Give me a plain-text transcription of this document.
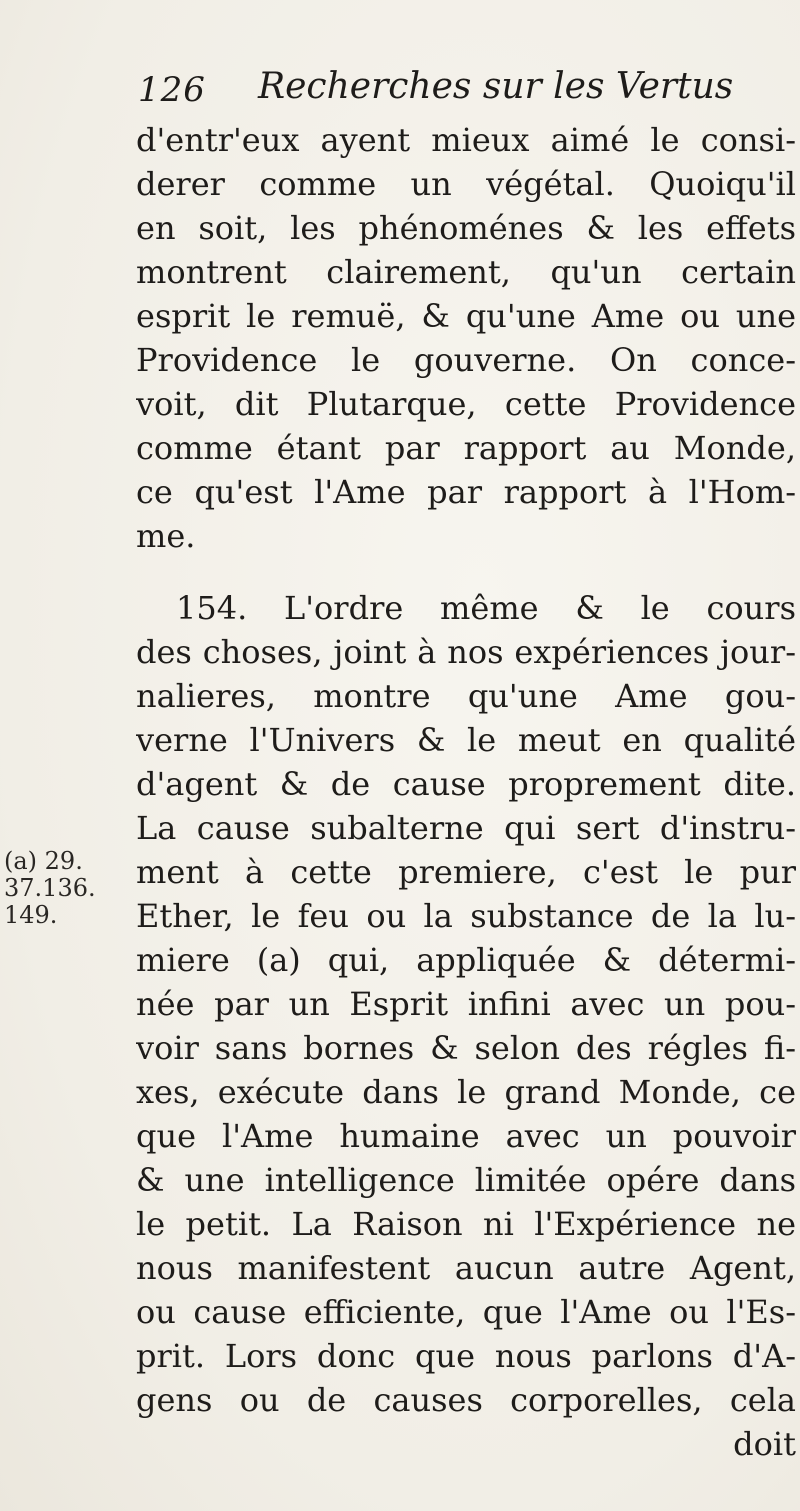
126 Recherches sur les Vertus
d'entr'eux ayent mieux aimé le consi-
derer comme un végétal. Quoiqu'il
en soit, les phénoménes & les effets
montrent clairement, qu'un certain
esprit le remuë, & qu'une Ame ou une
Providence le gouverne. On conce-
voit, dit Plutarque, cette Providence
comme étant par rapport au Monde,
ce qu'est l'Ame par rapport à l'Hom-
me.
154. L'ordre même & le cours
des choses, joint à nos expériences jour-
nalieres, montre qu'une Ame gou-
verne l'Univers & le meut en qualité
d'agent & de cause proprement dite.
La cause subalterne qui sert d'instru-
ment à cette premiere, c'est le pur
Ether, le feu ou la substance de la lu-
miere (a) qui, appliquée & détermi-
née par un Esprit infini avec un pou-
voir sans bornes & selon des régles fi-
xes, exécute dans le grand Monde, ce
que l'Ame humaine avec un pouvoir
& une intelligence limitée opére dans
le petit. La Raison ni l'Expérience ne
nous manifestent aucun autre Agent,
ou cause efficiente, que l'Ame ou l'Es-
prit. Lors donc que nous parlons d'A-
gens ou de causes corporelles, cela
doit
(a) 29.
37.136.
149.
